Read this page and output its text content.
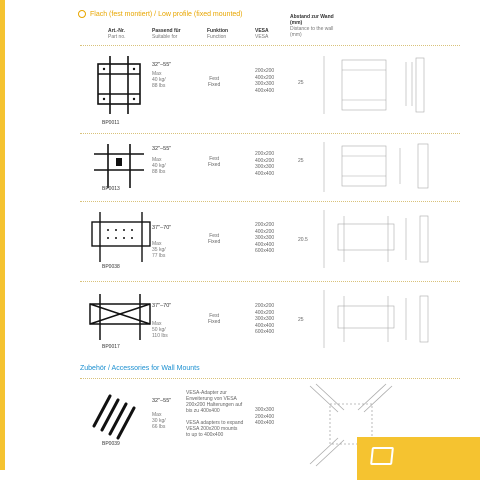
Flach (fest montiert) / Low profile (fixed mounted)
Art.-Nr.
Part no.
Passend für
Suitable for
Funktion
Function
VESA
VESA
Abstand zur Wand (mm)
Distance to the wall (mm)
BP0011
32"–55"
Max
40 kg/
88 lbs
Fest
Fixed
200x200
400x200
300x300
400x400
25
BP0013
32"–55"
Max
40 kg/
88 lbs
Fest
Fixed
200x200
400x200
300x300
400x400
25
BP0038
37"–70"
Max
35 kg/
77 lbs
Fest
Fixed
200x200
400x200
300x300
400x400
600x400
20.5
BP0017
37"–70"
Max
50 kg/
110 lbs
Fest
Fixed
200x200
400x200
300x300
400x400
600x400
25
Zubehör / Accessories for Wall Mounts
BP0039
32"–55"
Max
30 kg/
66 lbs
VESA-Adapter zur
Erweiterung von VESA
200x200 Halterungen auf
bis zu 400x400
VESA adapters to expand
VESA 200x200 mounts
to up to 400x400
300x300
200x400
400x400
